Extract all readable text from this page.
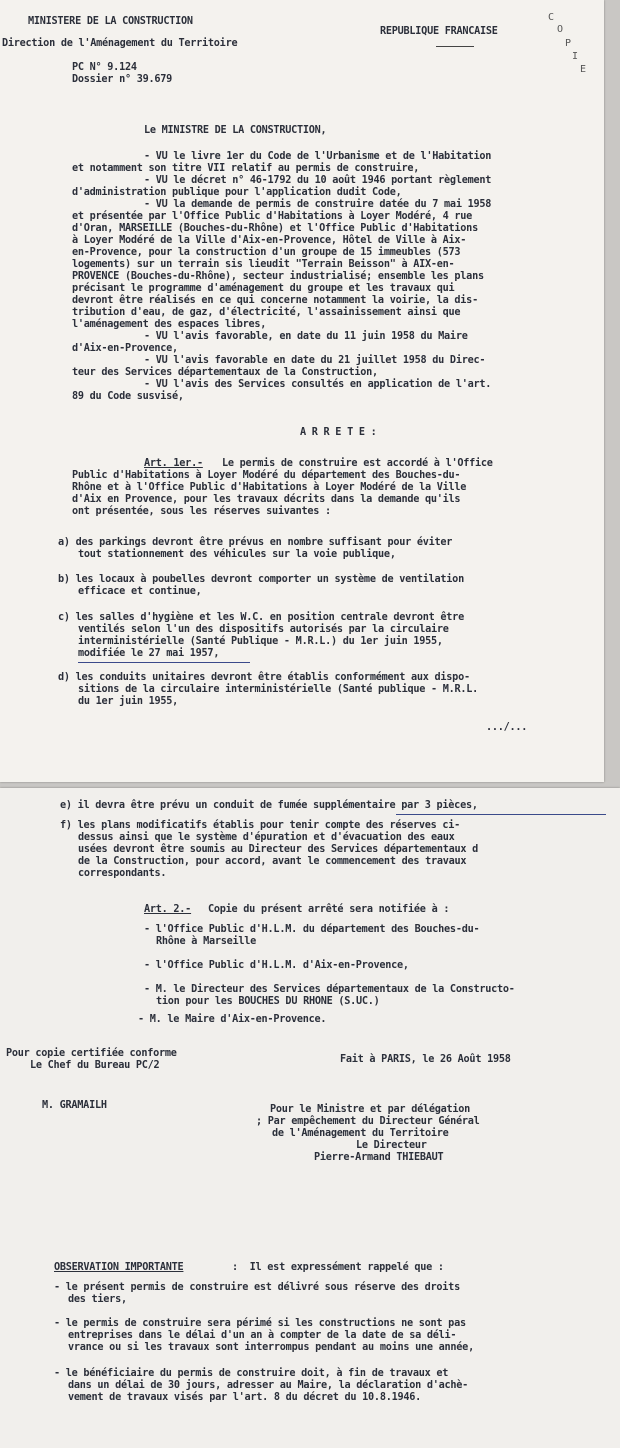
MINISTERE DE LA CONSTRUCTION
Direction de l'Aménagement du Territoire
PC N° 9.124
Dossier n° 39.679
REPUBLIQUE FRANCAISE
C
O
P
I
E
Le MINISTRE DE LA CONSTRUCTION,
- VU le livre 1er du Code de l'Urbanisme et de l'Habitation
et notamment son titre VII relatif au permis de construire,
- VU le décret n° 46-1792 du 10 août 1946 portant règlement
d'administration publique pour l'application dudit Code,
- VU la demande de permis de construire datée du 7 mai 1958
et présentée par l'Office Public d'Habitations à Loyer Modéré, 4 rue
d'Oran, MARSEILLE (Bouches-du-Rhône) et l'Office Public d'Habitations
à Loyer Modéré de la Ville d'Aix-en-Provence, Hôtel de Ville à Aix-
en-Provence, pour la construction d'un groupe de 15 immeubles (573
logements) sur un terrain sis lieudit "Terrain Beisson" à AIX-en-
PROVENCE (Bouches-du-Rhône), secteur industrialisé; ensemble les plans
précisant le programme d'aménagement du groupe et les travaux qui
devront être réalisés en ce qui concerne notamment la voirie, la dis-
tribution d'eau, de gaz, d'électricité, l'assainissement ainsi que
l'aménagement des espaces libres,
- VU l'avis favorable, en date du 11 juin 1958 du Maire
d'Aix-en-Provence,
- VU l'avis favorable en date du 21 juillet 1958 du Direc-
teur des Services départementaux de la Construction,
- VU l'avis des Services consultés en application de l'art.
89 du Code susvisé,
A R R E T E :
Art. 1er.- Le permis de construire est accordé à l'Office
Public d'Habitations à Loyer Modéré du département des Bouches-du-
Rhône et à l'Office Public d'Habitations à Loyer Modéré de la Ville
d'Aix en Provence, pour les travaux décrits dans la demande qu'ils
ont présentée, sous les réserves suivantes :
a) des parkings devront être prévus en nombre suffisant pour éviter
tout stationnement des véhicules sur la voie publique,
b) les locaux à poubelles devront comporter un système de ventilation
efficace et continue,
c) les salles d'hygiène et les W.C. en position centrale devront être
ventilés selon l'un des dispositifs autorisés par la circulaire
interministérielle (Santé Publique - M.R.L.) du 1er juin 1955,
modifiée le 27 mai 1957,
d) les conduits unitaires devront être établis conformément aux dispo-
sitions de la circulaire interministérielle (Santé publique - M.R.L.
du 1er juin 1955,
.../...
e) il devra être prévu un conduit de fumée supplémentaire par 3 pièces,
f) les plans modificatifs établis pour tenir compte des réserves ci-
dessus ainsi que le système d'épuration et d'évacuation des eaux
usées devront être soumis au Directeur des Services départementaux d
de la Construction, pour accord, avant le commencement des travaux
correspondants.
Art. 2.- Copie du présent arrêté sera notifiée à :
- l'Office Public d'H.L.M. du département des Bouches-du-
Rhône à Marseille
- l'Office Public d'H.L.M. d'Aix-en-Provence,
- M. le Directeur des Services départementaux de la Constructo-
tion pour les BOUCHES DU RHONE (S.UC.)
- M. le Maire d'Aix-en-Provence.
Pour copie certifiée conforme
Le Chef du Bureau PC/2
Fait à PARIS, le 26 Août 1958
M. GRAMAILH	Pour le Ministre et par délégation
; Par empêchement du Directeur Général
de l'Aménagement du Territoire
Le Directeur
Pierre-Armand THIEBAUT
OBSERVATION IMPORTANTE	:  Il est expressément rappelé que :
- le présent permis de construire est délivré sous réserve des droits
des tiers,
- le permis de construire sera périmé si les constructions ne sont pas
entreprises dans le délai d'un an à compter de la date de sa déli-
vrance ou si les travaux sont interrompus pendant au moins une année,
- le bénéficiaire du permis de construire doit, à fin de travaux et
dans un délai de 30 jours, adresser au Maire, la déclaration d'achè-
vement de travaux visés par l'art. 8 du décret du 10.8.1946.
